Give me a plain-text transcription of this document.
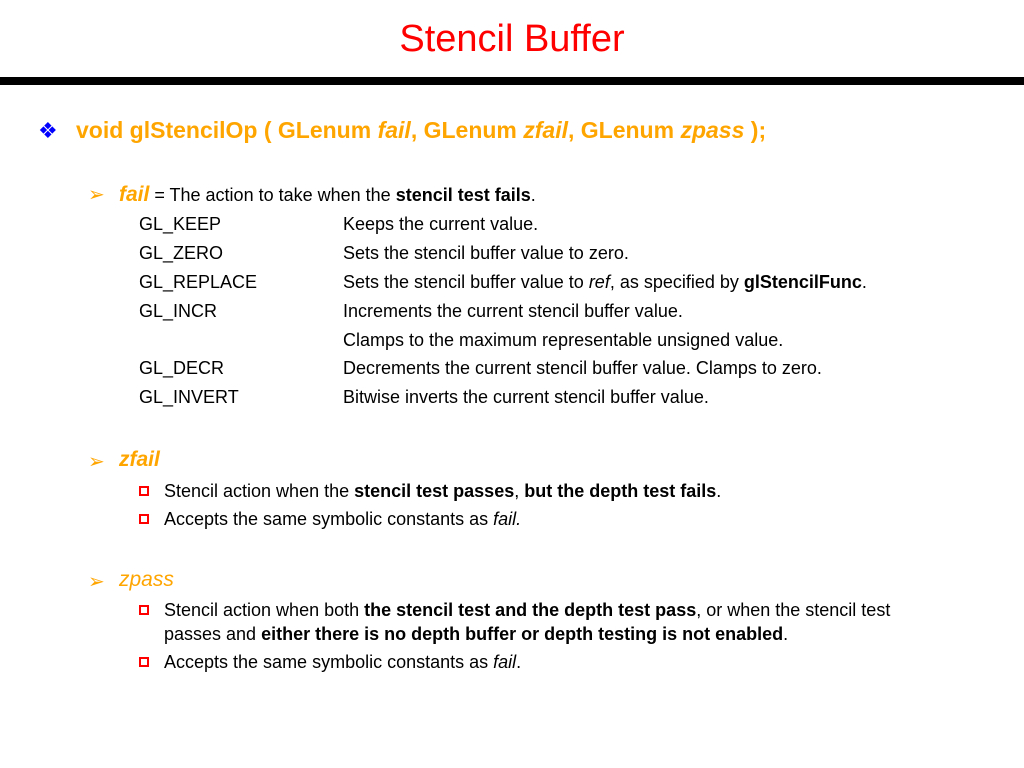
Stencil Buffer
❖ void glStencilOp ( GLenum fail, GLenum zfail, GLenum zpass );
➢ fail = The action to take when the stencil test fails.
GL_KEEP	Keeps the current value.
GL_ZERO	Sets the stencil buffer value to zero.
GL_REPLACE	Sets the stencil buffer value to ref, as specified by glStencilFunc.
GL_INCR	Increments the current stencil buffer value.
Clamps to the maximum representable unsigned value.
GL_DECR	Decrements the current stencil buffer value. Clamps to zero.
GL_INVERT	Bitwise inverts the current stencil buffer value.
➢ zfail
Stencil action when the stencil test passes, but the depth test fails.
Accepts the same symbolic constants as fail.
➢ zpass
Stencil action when both the stencil test and the depth test pass, or when the stencil test
passes and either there is no depth buffer or depth testing is not enabled.
Accepts the same symbolic constants as fail.
